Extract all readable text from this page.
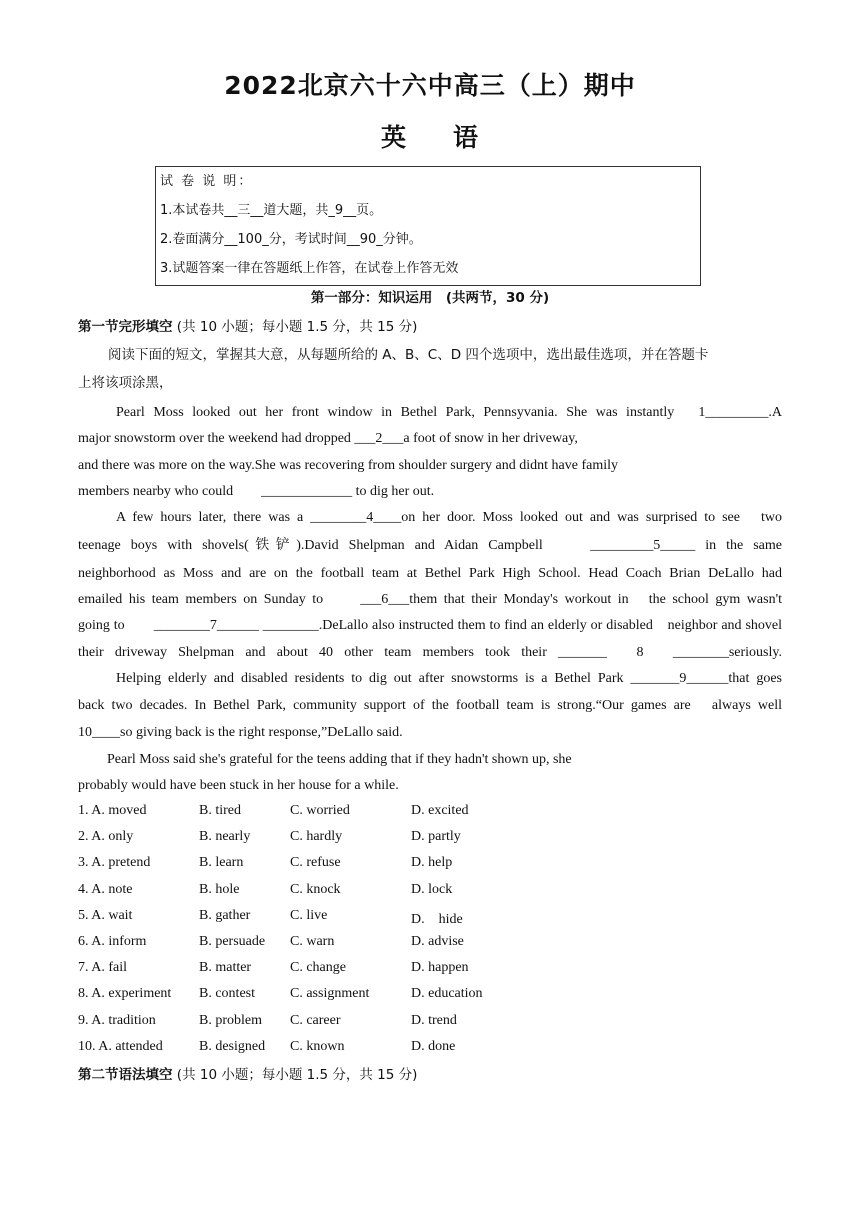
2022北京六十六中高三（上）期中
英 语
试 卷 说 明：
1.本试卷共__三__道大题，共_9__页。
2.卷面满分__100_分，考试时间__90_分钟。
3.试题答案一律在答题纸上作答，在试卷上作答无效
第一部分：知识运用　(共两节，30 分)
第一节完形填空 (共 10 小题；每小题 1.5 分，共 15 分)
阅读下面的短文，掌握其大意，从每题所给的 A、B、C、D 四个选项中，选出最佳选项，并在答题卡
上将该项涂黑，
Pearl Moss looked out her front window in Bethel Park, Pennsyvania. She was instantly　1_________.A
major snowstorm over the weekend had dropped ___2___a foot of snow in her driveway,
and there was more on the way.She was recovering from shoulder surgery and didnt have family
members nearby who could　　_____________ to dig her out.
A few hours later, there was a ________4____on her door. Moss looked out and was surprised to see　two
teenage boys with shovels(铁铲).David Shelpman and Aidan Campbell　　_________5_____ in the same
neighborhood as Moss and are on the football team at Bethel Park High School. Head Coach Brian DeLallo had
emailed his team members on Sunday to　　___6___them that their Monday's workout in　the school gym wasn't
going to　　________7______ ________.DeLallo also instructed them to find an elderly or disabled　neighbor and shovel
their driveway Shelpman and about 40 other team members took their _______　8　________seriously.
Helping elderly and disabled residents to dig out after snowstorms is a Bethel Park _______9______that goes
back two decades. In Bethel Park, community support of the football team is strong.“Our games are　always well
10____so giving back is the right response,”DeLallo said.
Pearl Moss said she's grateful for the teens adding that if they hadn't shown up, she
probably would have been stuck in her house for a while.
1. A. moved	B. tired	C. worried	D. excited
2. A. only	B. nearly	C. hardly	D. partly
3. A. pretend	B. learn	C. refuse	D. help
4. A. note	B. hole	C. knock	D. lock
5. A. wait	B. gather	C. live	D.　hide
6. A. inform	B. persuade C. warn	D. advise
7. A. fail	B. matter	C. change	D. happen
8. A. experiment B. contest	C. assignment	D. education
9. A. tradition	B. problem C. career	D. trend
10. A. attended	B. designed C. known	D. done
第二节语法填空 (共 10 小题；每小题 1.5 分，共 15 分)
